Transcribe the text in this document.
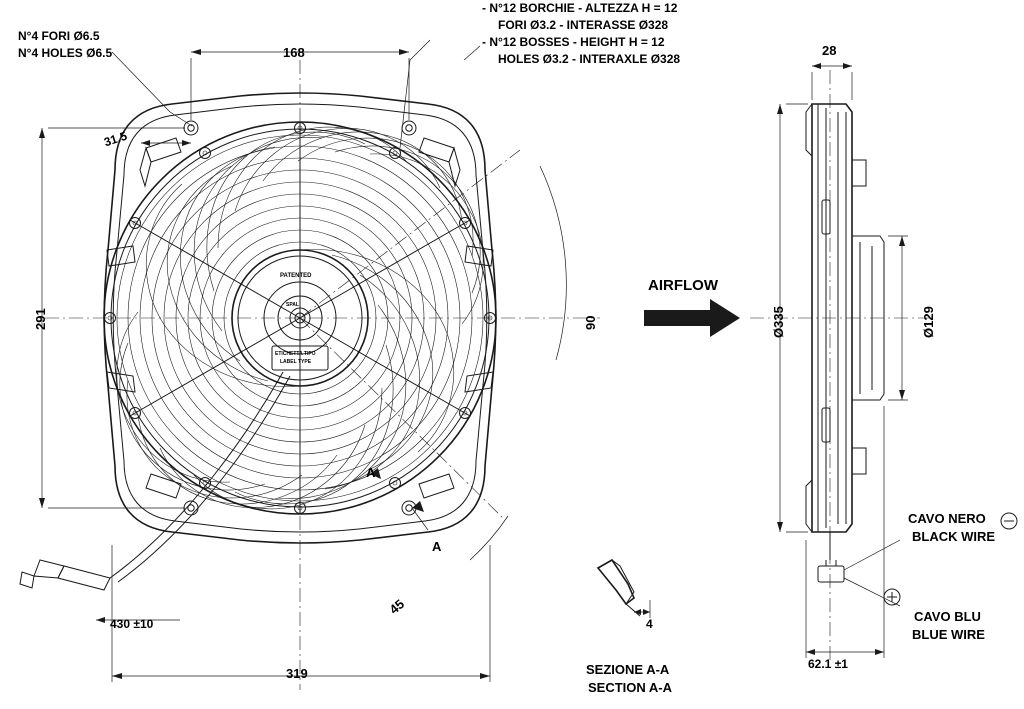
N°4 FORI Ø6.5
N°4 HOLES Ø6.5
- N°12 BORCHIE - ALTEZZA H = 12
FORI Ø3.2 - INTERASSE Ø328
- N°12 BOSSES - HEIGHT H = 12
HOLES Ø3.2 - INTERAXLE Ø328
168
31.5
291
319
430 ±10
90
45
A
A
PATENTED
SPAL
ETICHETTA TIPO
LABEL TYPE
AIRFLOW
28
Ø335	Ø129
62.1 ±1
CAVO NERO
BLACK WIRE
CAVO BLU
BLUE WIRE
4
SEZIONE A-A
SECTION A-A
